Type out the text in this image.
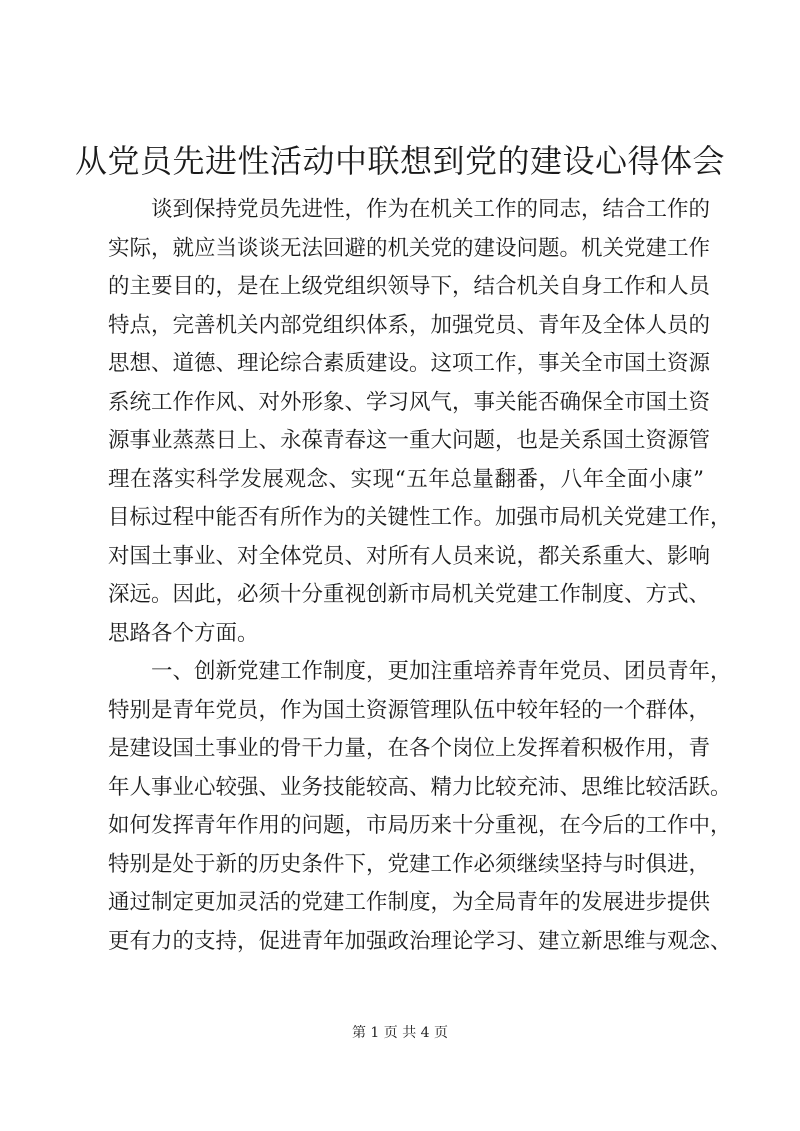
从党员先进性活动中联想到党的建设心得体会
谈到保持党员先进性，作为在机关工作的同志，结合工作的
实际，就应当谈谈无法回避的机关党的建设问题。机关党建工作
的主要目的，是在上级党组织领导下，结合机关自身工作和人员
特点，完善机关内部党组织体系，加强党员、青年及全体人员的
思想、道德、理论综合素质建设。这项工作，事关全市国土资源
系统工作作风、对外形象、学习风气，事关能否确保全市国土资
源事业蒸蒸日上、永葆青春这一重大问题，也是关系国土资源管
理在落实科学发展观念、实现“五年总量翻番，八年全面小康”
目标过程中能否有所作为的关键性工作。加强市局机关党建工作，
对国土事业、对全体党员、对所有人员来说，都关系重大、影响
深远。因此，必须十分重视创新市局机关党建工作制度、方式、
思路各个方面。
一、创新党建工作制度，更加注重培养青年党员、团员青年，
特别是青年党员，作为国土资源管理队伍中较年轻的一个群体，
是建设国土事业的骨干力量，在各个岗位上发挥着积极作用，青
年人事业心较强、业务技能较高、精力比较充沛、思维比较活跃。
如何发挥青年作用的问题，市局历来十分重视，在今后的工作中，
特别是处于新的历史条件下，党建工作必须继续坚持与时俱进，
通过制定更加灵活的党建工作制度，为全局青年的发展进步提供
更有力的支持，促进青年加强政治理论学习、建立新思维与观念、
第 1 页 共 4 页
